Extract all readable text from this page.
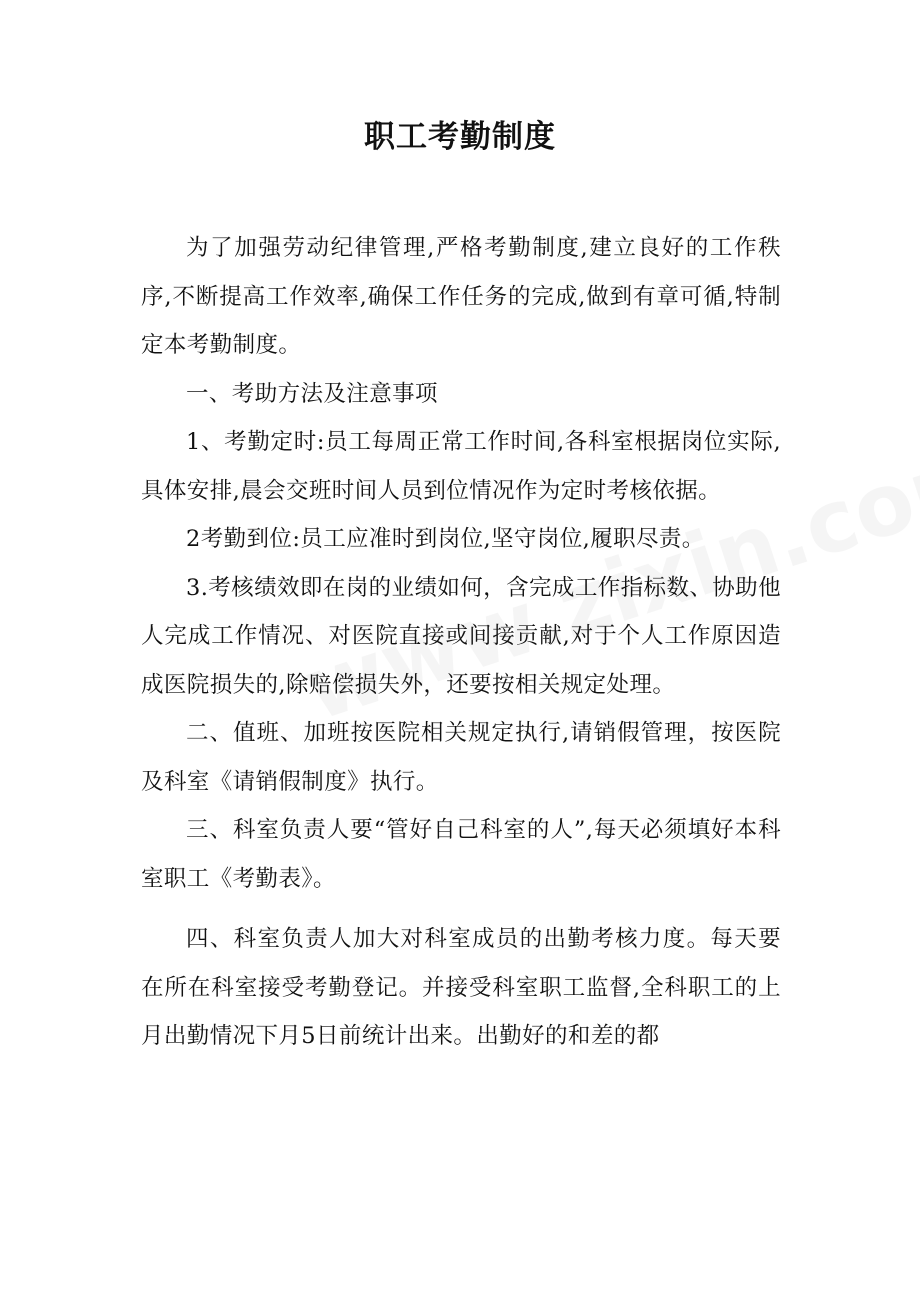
职工考勤制度

为了加强劳动纪律管理,严格考勤制度,建立良好的工作秩序,不断提高工作效率,确保工作任务的完成,做到有章可循,特制定本考勤制度。

一、考助方法及注意事项

1、考勤定时:员工每周正常工作时间,各科室根据岗位实际,具体安排,晨会交班时间人员到位情况作为定时考核依据。

2考勤到位:员工应准时到岗位,坚守岗位,履职尽责。

3.考核绩效即在岗的业绩如何，含完成工作指标数、协助他人完成工作情况、对医院直接或间接贡献,对于个人工作原因造成医院损失的,除赔偿损失外，还要按相关规定处理。

二、值班、加班按医院相关规定执行,请销假管理，按医院及科室《请销假制度》执行。

三、科室负责人要“管好自己科室的人”,每天必须填好本科室职工《考勤表》。

四、科室负责人加大对科室成员的出勤考核力度。每天要在所在科室接受考勤登记。并接受科室职工监督,全科职工的上月出勤情况下月5日前统计出来。出勤好的和差的都
